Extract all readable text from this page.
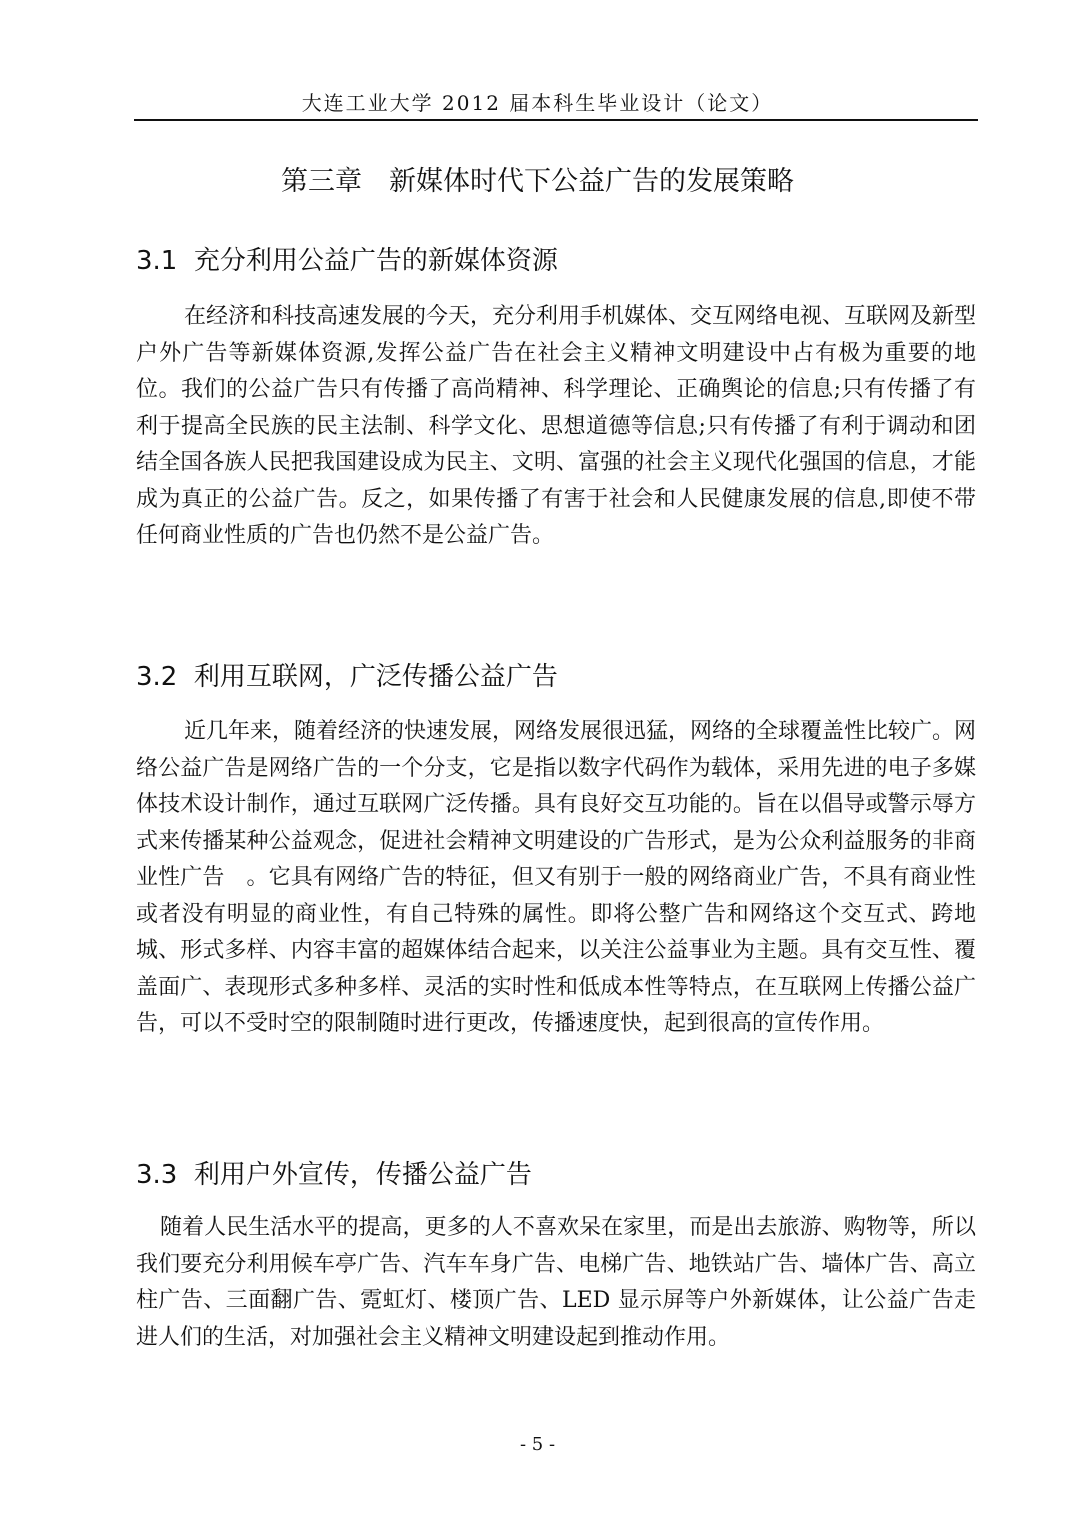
大连工业大学 2012 届本科生毕业设计（论文）
第三章　新媒体时代下公益广告的发展策略
3.1  充分利用公益广告的新媒体资源

在经济和科技高速发展的今天，充分利用手机媒体、交互网络电视、互联网及新型户外广告等新媒体资源,发挥公益广告在社会主义精神文明建设中占有极为重要的地位。我们的公益广告只有传播了高尚精神、科学理论、正确舆论的信息;只有传播了有利于提高全民族的民主法制、科学文化、思想道德等信息;只有传播了有利于调动和团结全国各族人民把我国建设成为民主、文明、富强的社会主义现代化强国的信息，才能成为真正的公益广告。反之，如果传播了有害于社会和人民健康发展的信息,即使不带任何商业性质的广告也仍然不是公益广告。

3.2  利用互联网，广泛传播公益广告

近几年来，随着经济的快速发展，网络发展很迅猛，网络的全球覆盖性比较广。网络公益广告是网络广告的一个分支，它是指以数字代码作为载体，采用先进的电子多媒体技术设计制作，通过互联网广泛传播。具有良好交互功能的。旨在以倡导或警示辱方式来传播某种公益观念，促进社会精神文明建设的广告形式，是为公众利益服务的非商业性广告　。它具有网络广告的特征，但又有别于一般的网络商业广告，不具有商业性或者没有明显的商业性，有自己特殊的属性。即将公整广告和网络这个交互式、跨地城、形式多样、内容丰富的超媒体结合起来，以关注公益事业为主题。具有交互性、覆盖面广、表现形式多种多样、灵活的实时性和低成本性等特点，在互联网上传播公益广告，可以不受时空的限制随时进行更改，传播速度快，起到很高的宣传作用。

3.3  利用户外宣传，传播公益广告

随着人民生活水平的提高，更多的人不喜欢呆在家里，而是出去旅游、购物等，所以我们要充分利用候车亭广告、汽车车身广告、电梯广告、地铁站广告、墙体广告、高立柱广告、三面翻广告、霓虹灯、楼顶广告、LED 显示屏等户外新媒体，让公益广告走进人们的生活，对加强社会主义精神文明建设起到推动作用。

- 5 -
